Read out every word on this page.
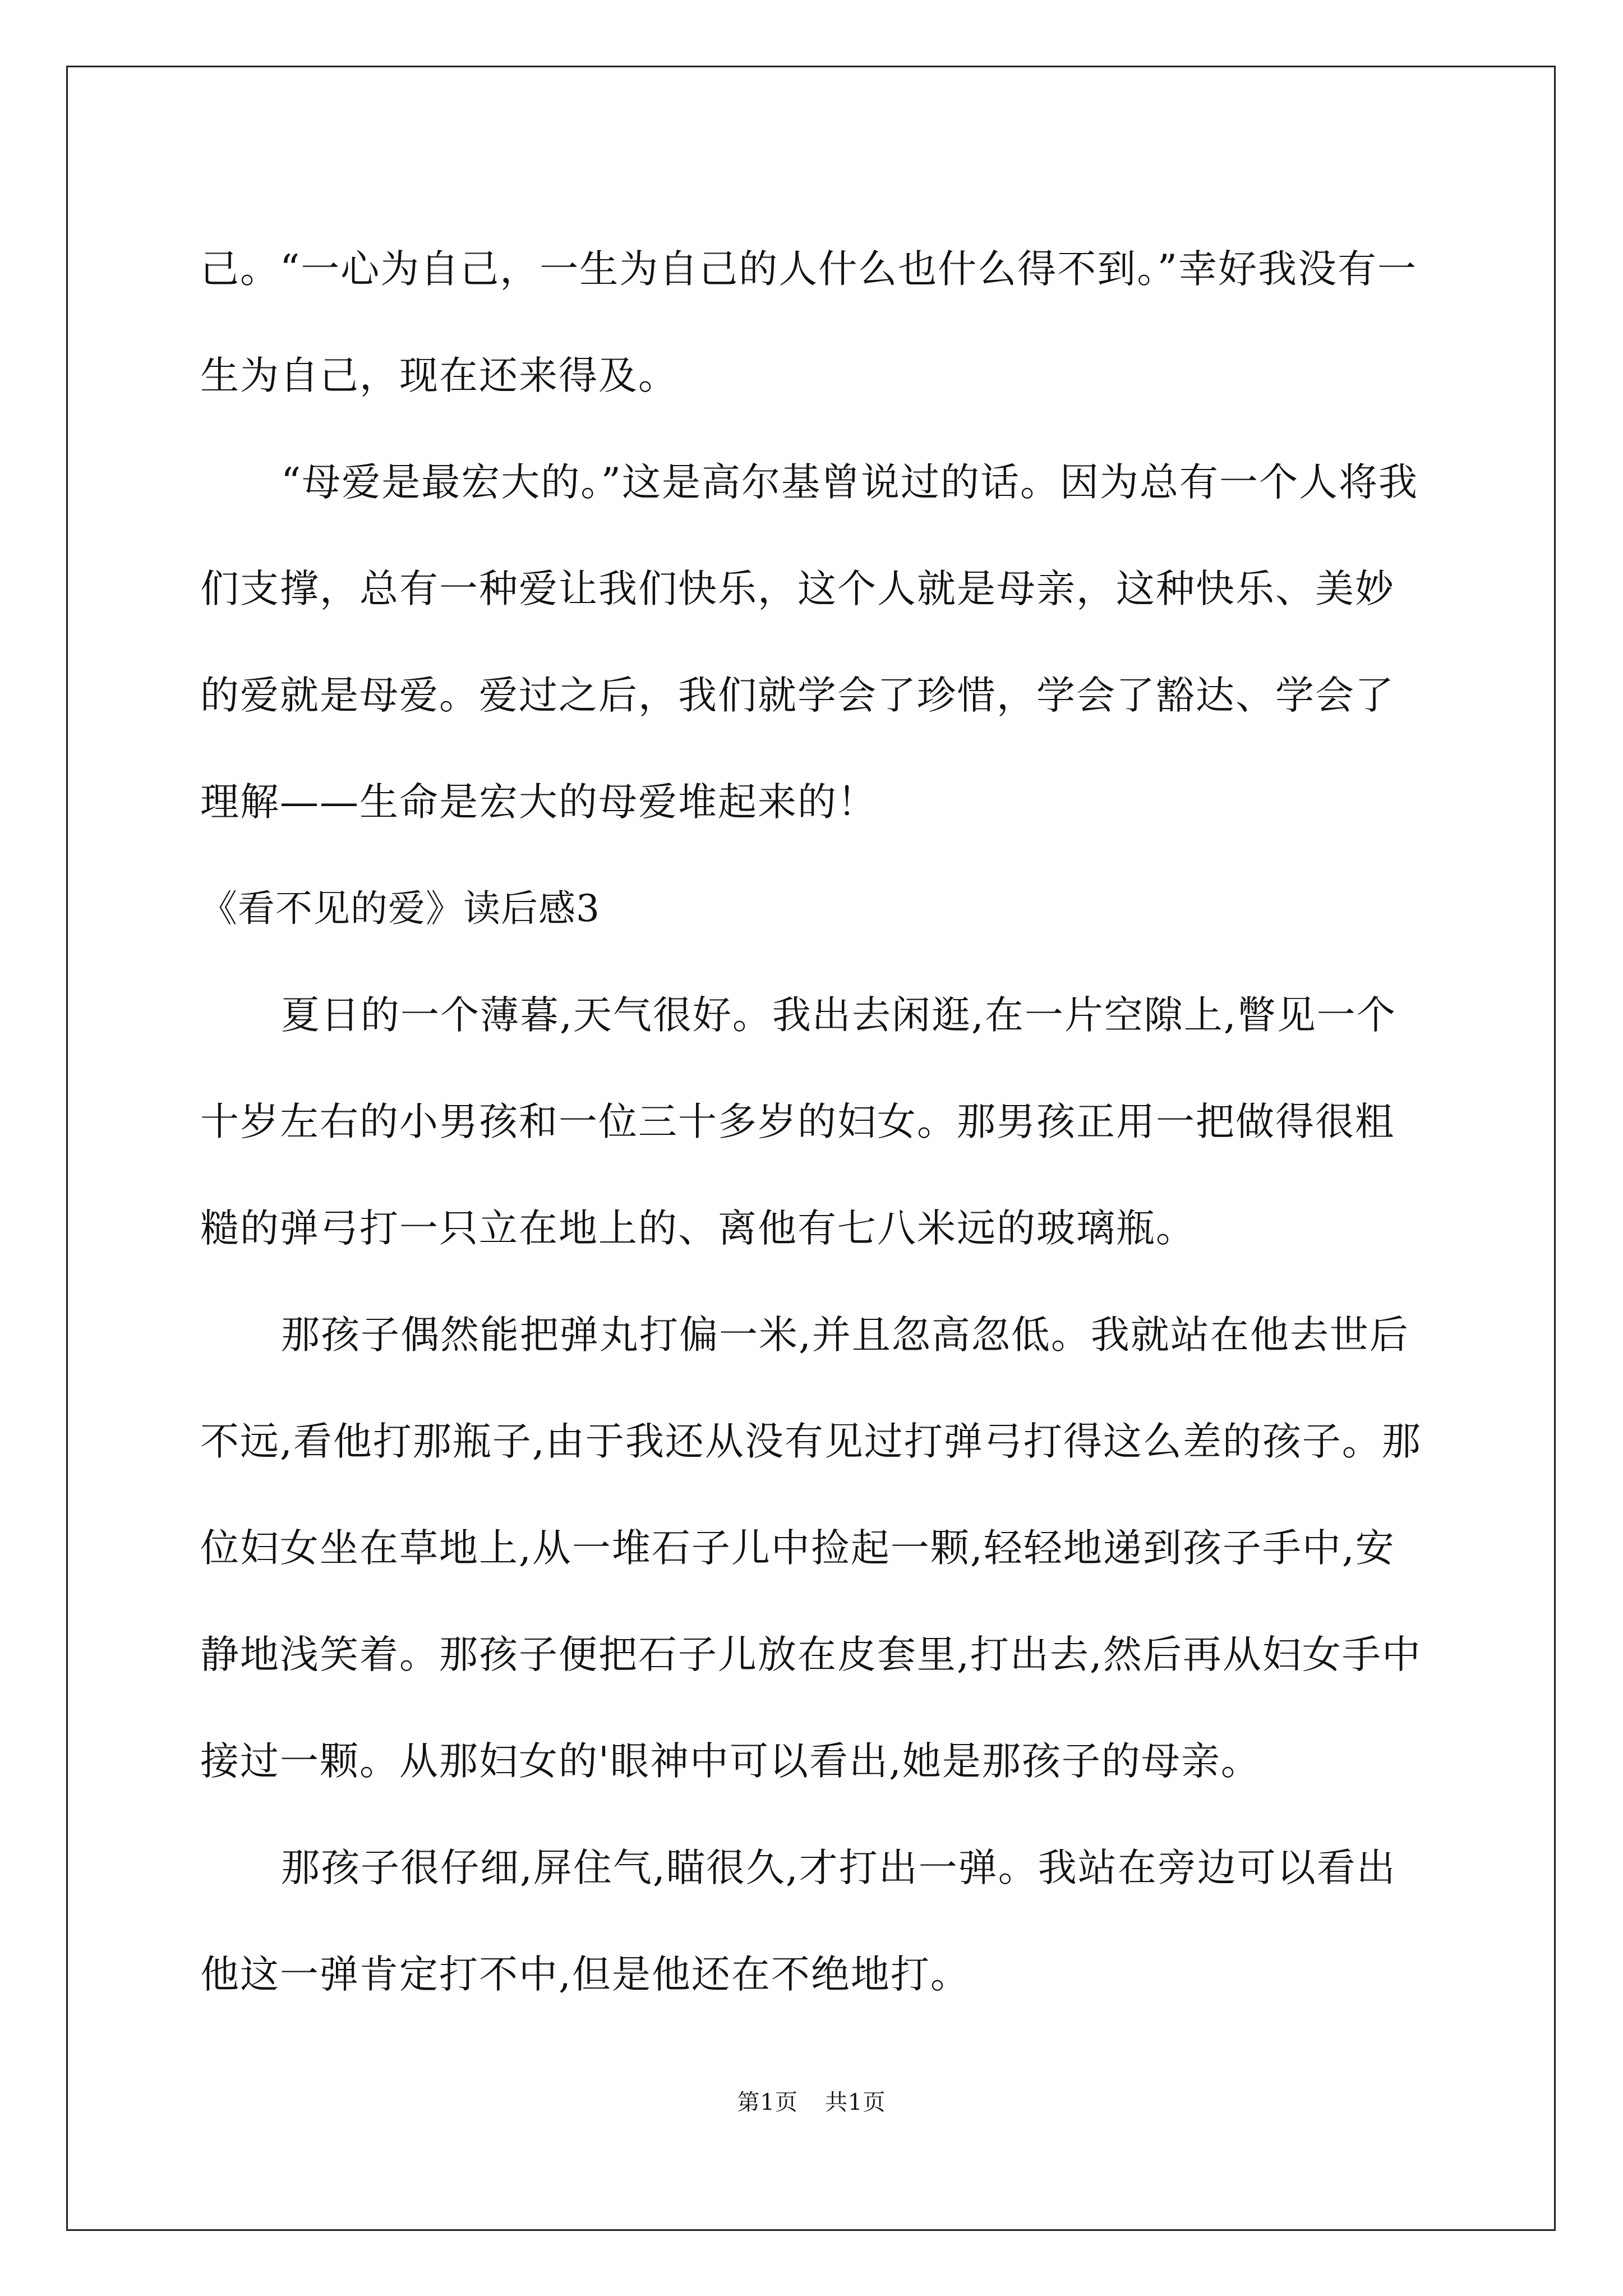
己。“一心为自己，一生为自己的人什么也什么得不到。”幸好我没有一生为自己，现在还来得及。

“母爱是最宏大的。”这是高尔基曾说过的话。因为总有一个人将我们支撑，总有一种爱让我们快乐，这个人就是母亲，这种快乐、美妙的爱就是母爱。爱过之后，我们就学会了珍惜，学会了豁达、学会了理解——生命是宏大的母爱堆起来的！

《看不见的爱》读后感3

夏日的一个薄暮,天气很好。我出去闲逛,在一片空隙上,瞥见一个十岁左右的小男孩和一位三十多岁的妇女。那男孩正用一把做得很粗糙的弹弓打一只立在地上的、离他有七八米远的玻璃瓶。

那孩子偶然能把弹丸打偏一米,并且忽高忽低。我就站在他去世后不远,看他打那瓶子,由于我还从没有见过打弹弓打得这么差的孩子。那位妇女坐在草地上,从一堆石子儿中捡起一颗,轻轻地递到孩子手中,安静地浅笑着。那孩子便把石子儿放在皮套里,打出去,然后再从妇女手中接过一颗。从那妇女的'眼神中可以看出,她是那孩子的母亲。

那孩子很仔细,屏住气,瞄很久,才打出一弹。我站在旁边可以看出他这一弹肯定打不中,但是他还在不绝地打。

第1页 共1页
